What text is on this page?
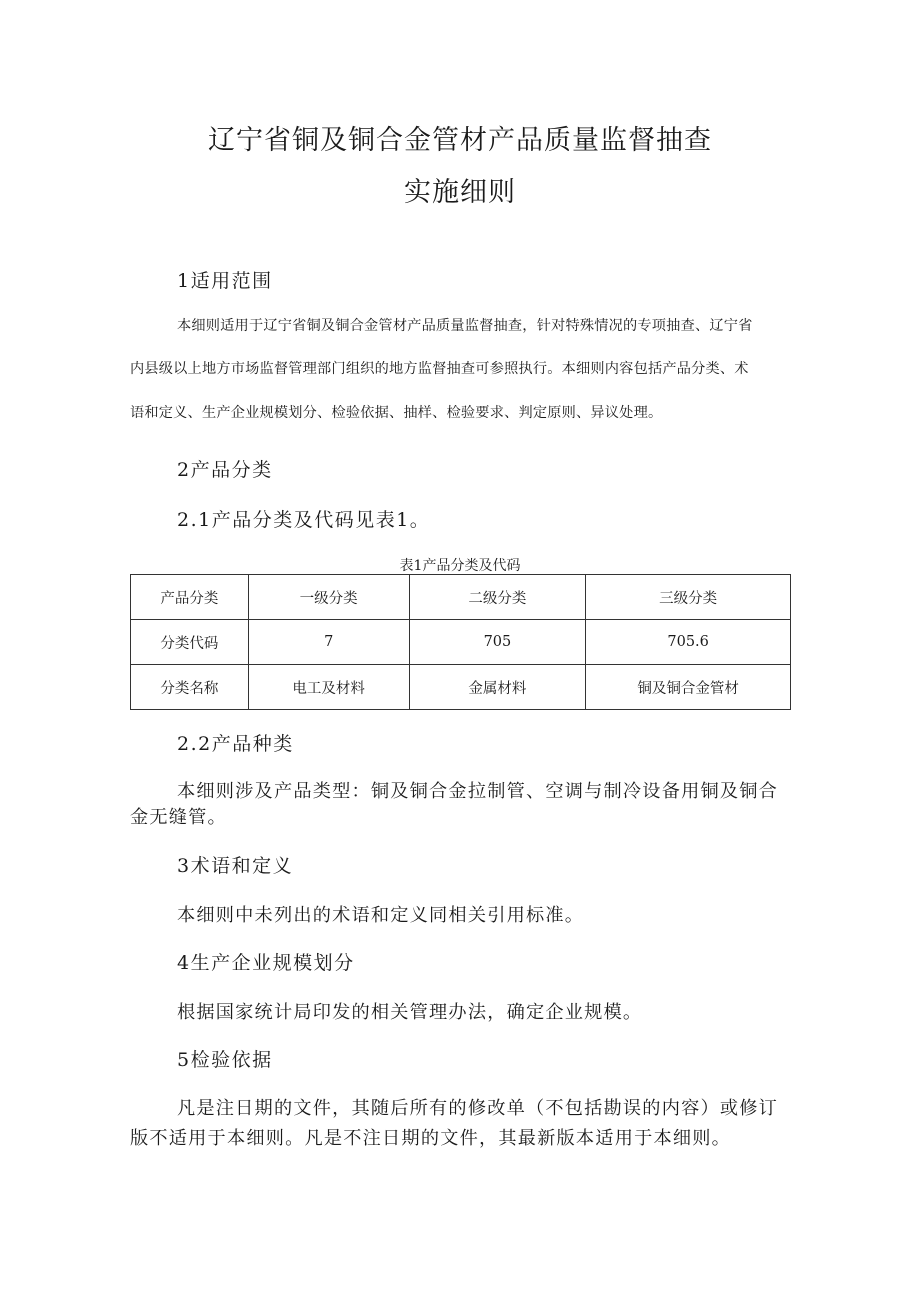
辽宁省铜及铜合金管材产品质量监督抽查
实施细则
1适用范围
本细则适用于辽宁省铜及铜合金管材产品质量监督抽查，针对特殊情况的专项抽查、辽宁省
内县级以上地方市场监督管理部门组织的地方监督抽查可参照执行。本细则内容包括产品分类、术
语和定义、生产企业规模划分、检验依据、抽样、检验要求、判定原则、异议处理。
2产品分类
2.1产品分类及代码见表1。
表1产品分类及代码
产品分类	一级分类	二级分类	三级分类
分类代码	7	705	705.6
分类名称	电工及材料	金属材料	铜及铜合金管材
2.2产品种类
本细则涉及产品类型：铜及铜合金拉制管、空调与制冷设备用铜及铜合
金无缝管。
3术语和定义
本细则中未列出的术语和定义同相关引用标准。
4生产企业规模划分
根据国家统计局印发的相关管理办法，确定企业规模。
5检验依据
凡是注日期的文件，其随后所有的修改单（不包括勘误的内容）或修订
版不适用于本细则。凡是不注日期的文件，其最新版本适用于本细则。
